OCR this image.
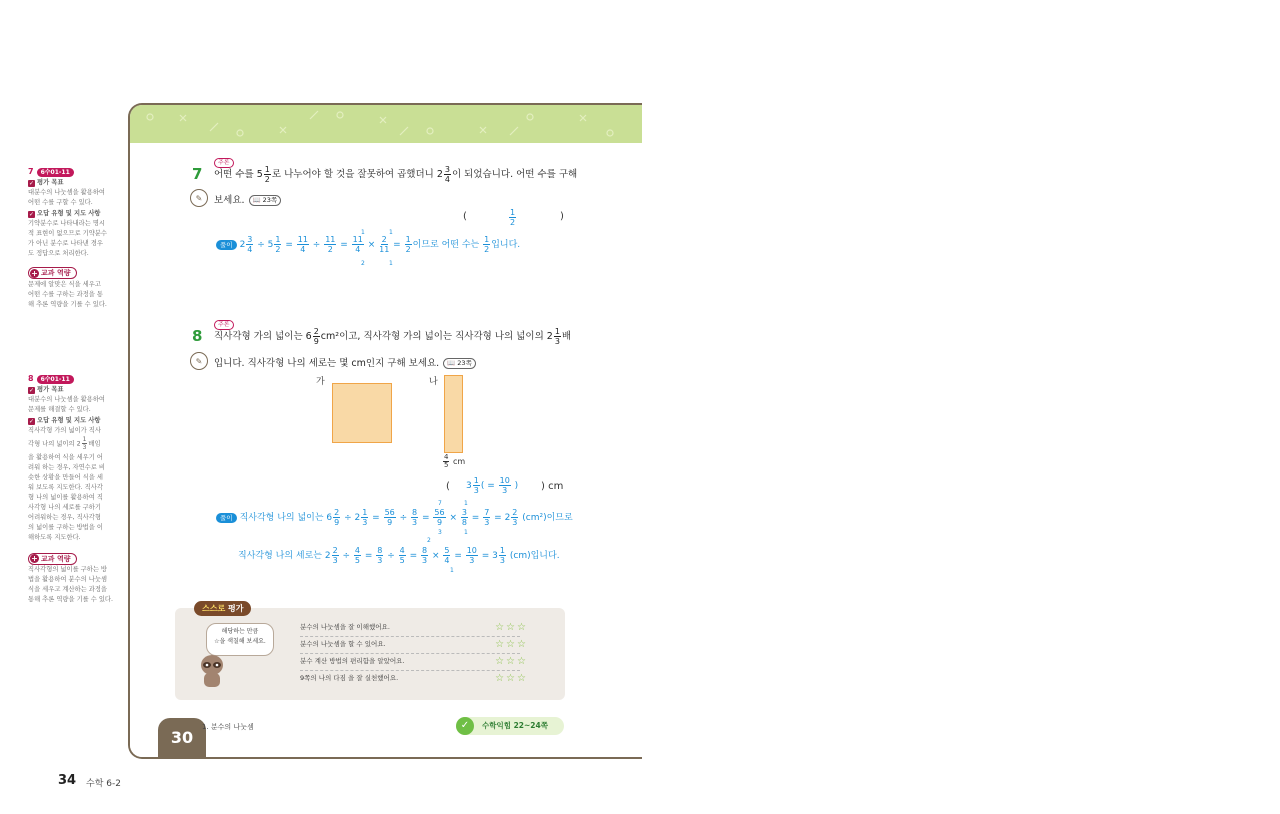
7	6수01-11
✓ 평가 목표
대분수의 나눗셈을 활용하여
어떤 수를 구할 수 있다.
✓ 오답 유형 및 지도 사항
기약분수로 나타내라는 명시
적 표현이 없으므로 기약분수
가 아닌 분수로 나타낸 경우
도 정답으로 처리한다.
+ 교과 역량
문제에 알맞은 식을 세우고
어떤 수를 구하는 과정을 통
해 추론 역량을 기를 수 있다.
8	6수01-11
✓ 평가 목표
대분수의 나눗셈을 활용하여
문제를 해결할 수 있다.
✓ 오답 유형 및 지도 사항
직사각형 가의 넓이가 직사
각형 나의 넓이의 $2 \frac{1}{3}$ 배임
을 활용하여 식을 세우기 어
려워 하는 경우, 자연수로 비
슷한 상황을 만들어 식을 세
워 보도록 지도한다. 직사각
형 나의 넓이를 활용하여 직
사각형 나의 세로를 구하기
어려워하는 경우, 직사각형
의 넓이를 구하는 방법을 이
해하도록 지도한다.
+ 교과 역량
직사각형의 넓이를 구하는 방
법을 활용하여 분수의 나눗셈
식을 세우고 계산하는 과정을
통해 추론 역량을 기를 수 있다.
추론
7 어떤 수를 $5 \frac{1}{2}$ 로 나누어야 할 것을 잘못하여 곱했더니 $2 \frac{3}{4}$ 이 되었습니다. 어떤 수를 구해
✎	보세요. 📖 23쪽
(	$\frac{1}{2}$	)
풀이 $2 \frac{3}{4} \div 5 \frac{1}{2} = \frac{11}{4} \div \frac{11}{2} = \frac{11}{4} \times \frac{2}{11} = \frac{1}{2}$ 이므로 어떤 수는 $\frac{1}{2}$ 입니다.
1
2
1
1
추론
8 직사각형 가의 넓이는 $6 \frac{2}{9} cm^2$이고, 직사각형 가의 넓이는 직사각형 나의 넓이의 $2 \frac{1}{3}$ 배
✎	입니다. 직사각형 나의 세로는 몇 cm인지 구해 보세요. 📖 23쪽
가	나
$\frac{4}{5}$ cm
( $3 \frac{1}{3}$ ( = $\frac{10}{3}$ ) ) cm
풀이 직사각형 나의 넓이는 $6 \frac{2}{9} \div 2 \frac{1}{3} = \frac{56}{9} \div \frac{8}{3} = \frac{56}{9} \times \frac{3}{8} = \frac{7}{3} = 2 \frac{2}{3} (cm^2)$이므로
7
3
1
1
직사각형 나의 세로는 $2 \frac{2}{3} \div \frac{4}{5} = \frac{8}{3} \div \frac{4}{5} = \frac{8}{3} \times \frac{5}{4} = \frac{10}{3} = 3 \frac{1}{3} (cm)$입니다.
2
1
스스로 평가
해당하는 만큼
☆을 색칠해 보세요.
분수의 나눗셈을 잘 이해했어요.	☆☆☆
분수의 나눗셈을 할 수 있어요.	☆☆☆
분수 계산 방법의 편리함을 알았어요.	☆☆☆
9쪽의 나의 다짐 을 잘 실천했어요.	☆☆☆
30
1. 분수의 나눗셈	✓	수학익힘 22~24쪽
34 수학 6-2
